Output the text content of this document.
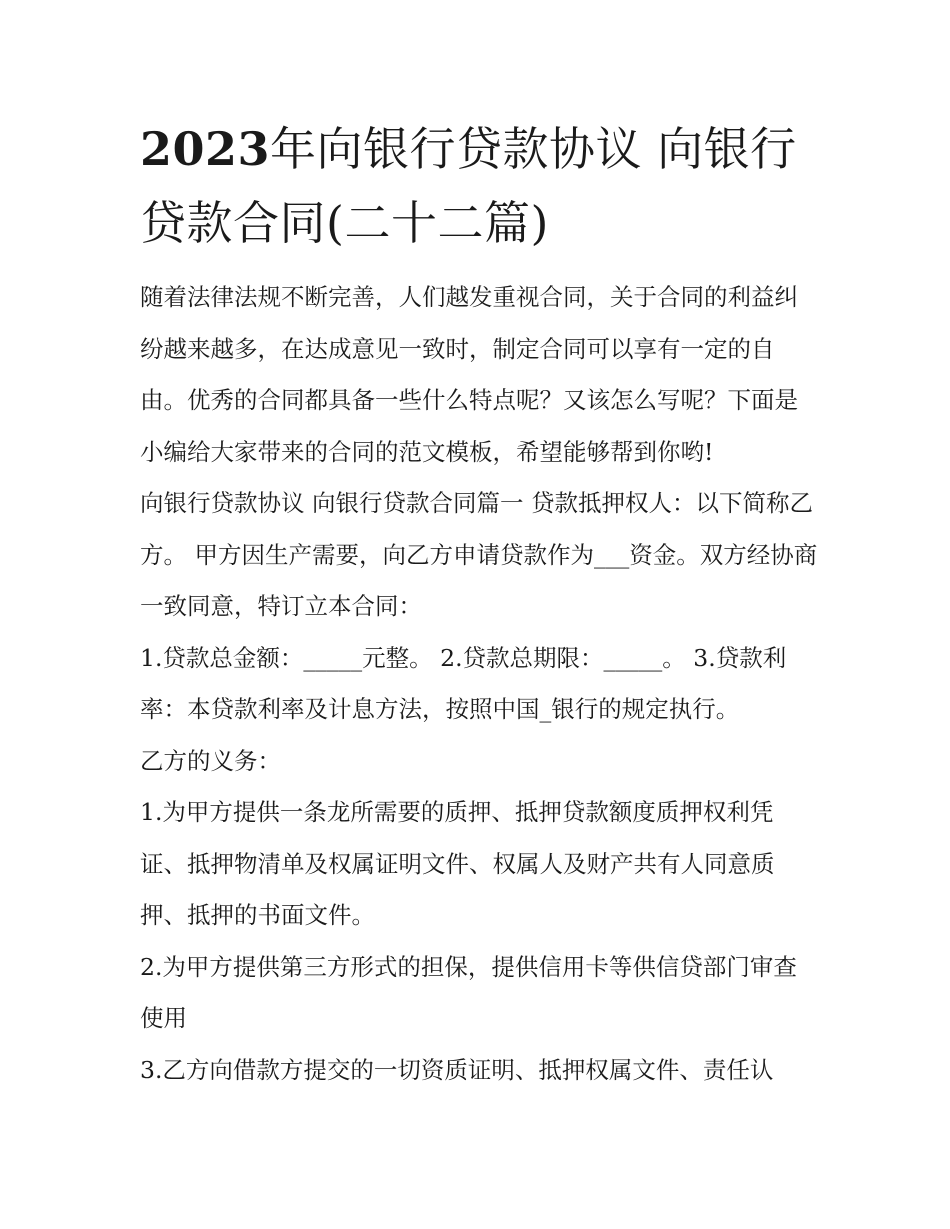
2023年向银行贷款协议 向银行贷款合同(二十二篇)

随着法律法规不断完善，人们越发重视合同，关于合同的利益纠纷越来越多，在达成意见一致时，制定合同可以享有一定的自由。优秀的合同都具备一些什么特点呢？又该怎么写呢？下面是小编给大家带来的合同的范文模板，希望能够帮到你哟!

向银行贷款协议 向银行贷款合同篇一 贷款抵押权人：以下简称乙方。 甲方因生产需要，向乙方申请贷款作为___资金。双方经协商一致同意，特订立本合同：

1.贷款总金额：_____元整。 2.贷款总期限：_____。 3.贷款利率：本贷款利率及计息方法，按照中国_银行的规定执行。

乙方的义务：

1.为甲方提供一条龙所需要的质押、抵押贷款额度质押权利凭证、抵押物清单及权属证明文件、权属人及财产共有人同意质押、抵押的书面文件。

2.为甲方提供第三方形式的担保，提供信用卡等供信贷部门审查使用

3.乙方向借款方提交的一切资质证明、抵押权属文件、责任认
